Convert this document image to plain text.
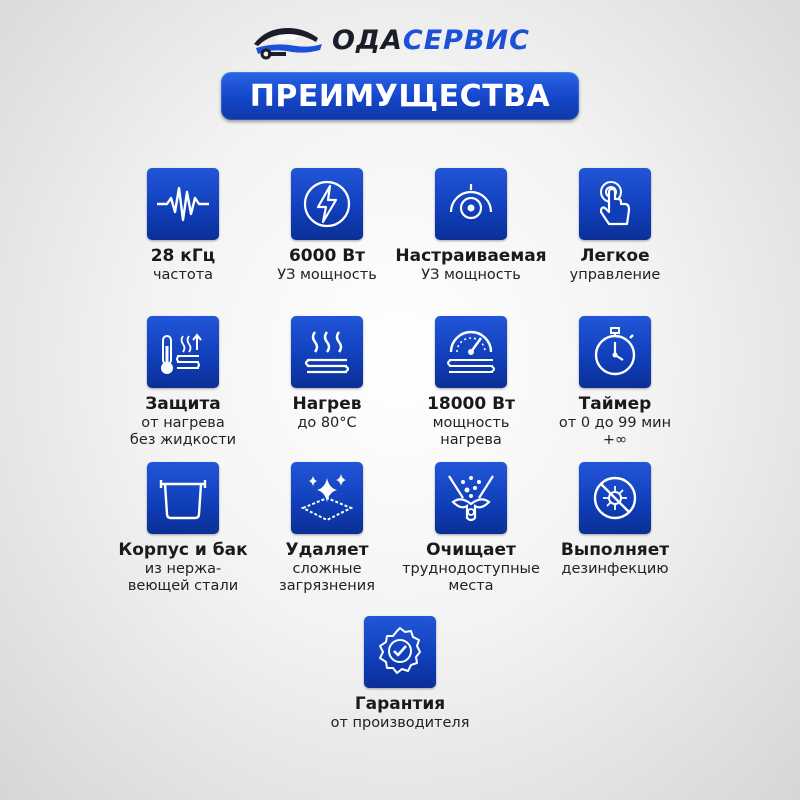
ОДАСЕРВИС
ПРЕИМУЩЕСТВА
28 кГц
частота
6000 Вт
УЗ мощность
Настраиваемая
УЗ мощность
Легкое
управление
Защита
от нагрева
без жидкости
Нагрев
до 80°С
18000 Вт
мощность
нагрева
Таймер
от 0 до 99 мин
+∞
Корпус и бак
из нержа-
веющей стали
Удаляет
сложные
загрязнения
Очищает
труднодоступные
места
Выполняет
дезинфекцию
Гарантия
от производителя
